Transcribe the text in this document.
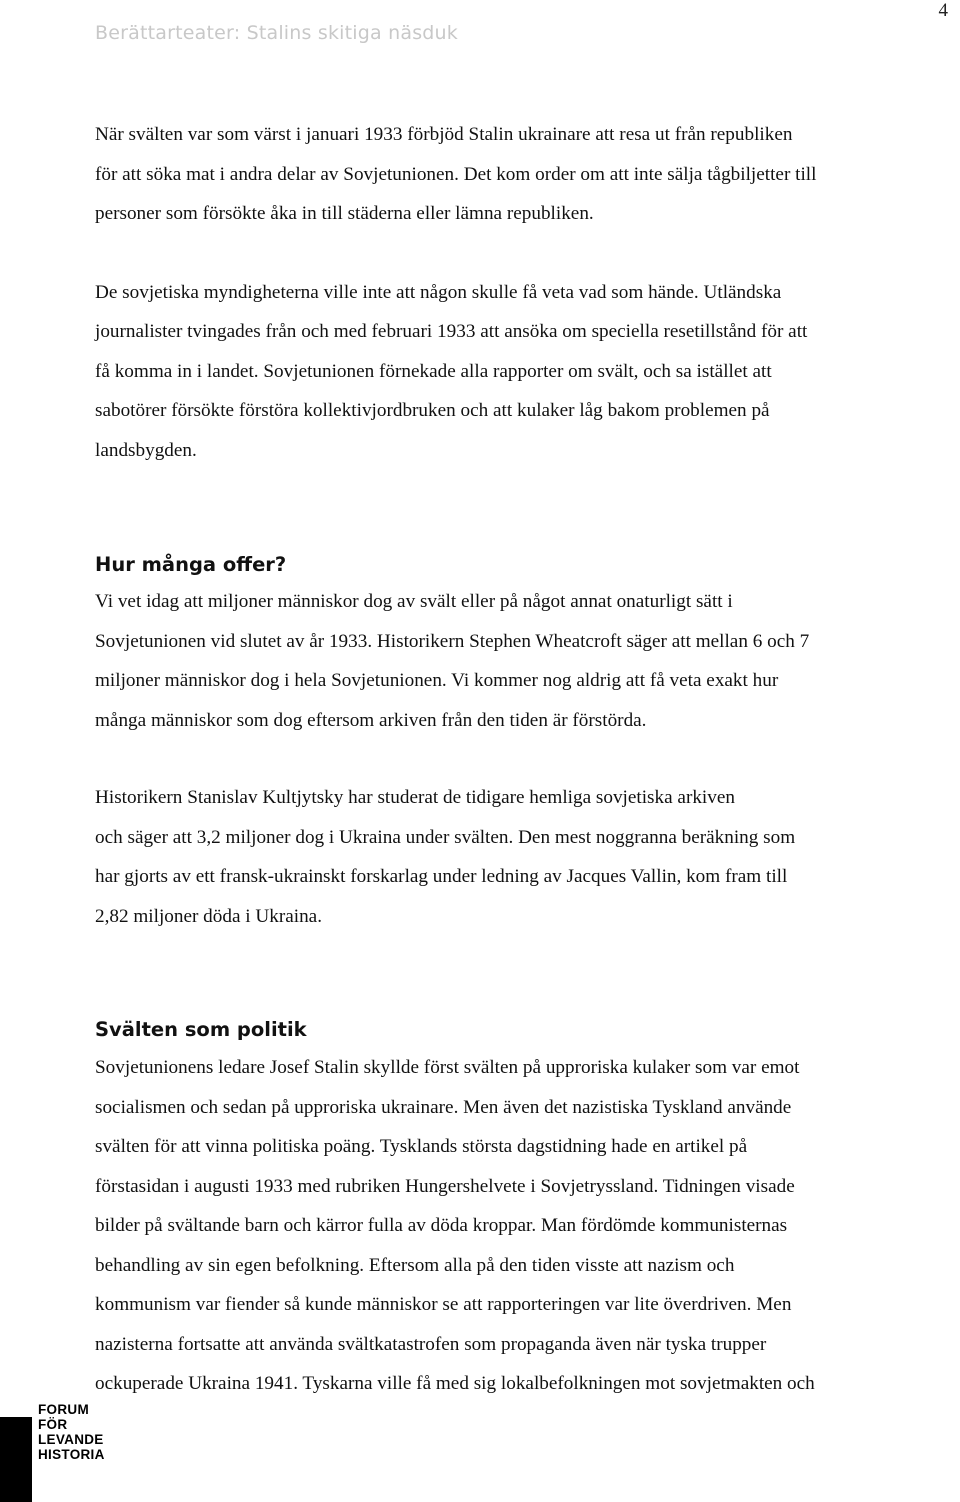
Berättarteater: Stalins skitiga näsduk
4

När svälten var som värst i januari 1933 förbjöd Stalin ukrainare att resa ut från republiken
för att söka mat i andra delar av Sovjetunionen. Det kom order om att inte sälja tågbiljetter till
personer som försökte åka in till städerna eller lämna republiken.

De sovjetiska myndigheterna ville inte att någon skulle få veta vad som hände. Utländska
journalister tvingades från och med februari 1933 att ansöka om speciella resetillstånd för att
få komma in i landet. Sovjetunionen förnekade alla rapporter om svält, och sa istället att
sabotörer försökte förstöra kollektivjordbruken och att kulaker låg bakom problemen på
landsbygden.

Hur många offer?

Vi vet idag att miljoner människor dog av svält eller på något annat onaturligt sätt i
Sovjetunionen vid slutet av år 1933. Historikern Stephen Wheatcroft säger att mellan 6 och 7
miljoner människor dog i hela Sovjetunionen. Vi kommer nog aldrig att få veta exakt hur
många människor som dog eftersom arkiven från den tiden är förstörda.

Historikern Stanislav Kultjytsky har studerat de tidigare hemliga sovjetiska arkiven
och säger att 3,2 miljoner dog i Ukraina under svälten. Den mest noggranna beräkning som
har gjorts av ett fransk-ukrainskt forskarlag under ledning av Jacques Vallin, kom fram till
2,82 miljoner döda i Ukraina.

Svälten som politik

Sovjetunionens ledare Josef Stalin skyllde först svälten på upproriska kulaker som var emot
socialismen och sedan på upproriska ukrainare. Men även det nazistiska Tyskland använde
svälten för att vinna politiska poäng. Tysklands största dagstidning hade en artikel på
förstasidan i augusti 1933 med rubriken Hungershelvete i Sovjetryssland. Tidningen visade
bilder på svältande barn och kärror fulla av döda kroppar. Man fördömde kommunisternas
behandling av sin egen befolkning. Eftersom alla på den tiden visste att nazism och
kommunism var fiender så kunde människor se att rapporteringen var lite överdriven. Men
nazisterna fortsatte att använda svältkatastrofen som propaganda även när tyska trupper
ockuperade Ukraina 1941. Tyskarna ville få med sig lokalbefolkningen mot sovjetmakten och

FORUM
FÖR
LEVANDE
HISTORIA
